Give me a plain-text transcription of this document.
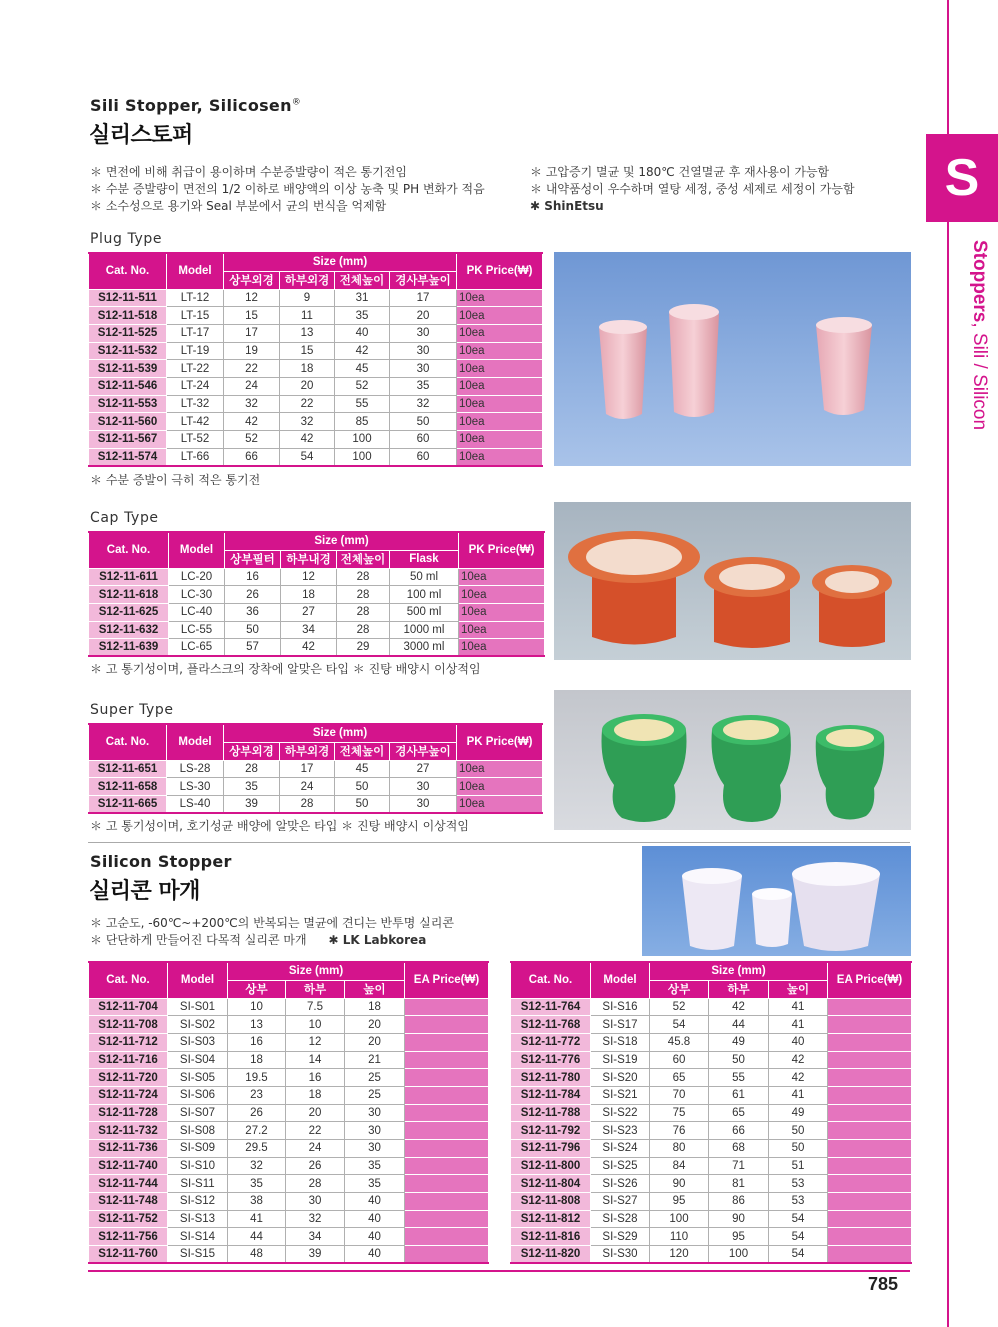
S
Stoppers, Sili / Silicon
Sili Stopper, Silicosen®
실리스토퍼
＊ 면전에 비해 취급이 용이하며 수분증발량이 적은 통기전임
＊ 수분 증발량이 면전의 1/2 이하로 배양액의 이상 농축 및 PH 변화가 적음
＊ 소수성으로 용기와 Seal 부분에서 균의 번식을 억제함
＊ 고압증기 멸균 및 180℃ 건열멸균 후 재사용이 가능함
＊ 내약품성이 우수하며 열탕 세정, 중성 세제로 세정이 가능함
✱ ShinEtsu
Plug Type
Cat. No.	Model	Size (mm)				PK Price(₩)
		상부외경	하부외경	전체높이	경사부높이	
S12-11-511	LT-12	12	9	31	17	10ea
S12-11-518	LT-15	15	11	35	20	10ea
S12-11-525	LT-17	17	13	40	30	10ea
S12-11-532	LT-19	19	15	42	30	10ea
S12-11-539	LT-22	22	18	45	30	10ea
S12-11-546	LT-24	24	20	52	35	10ea
S12-11-553	LT-32	32	22	55	32	10ea
S12-11-560	LT-42	42	32	85	50	10ea
S12-11-567	LT-52	52	42	100	60	10ea
S12-11-574	LT-66	66	54	100	60	10ea
＊ 수분 증발이 극히 적은 통기전
Cap Type
Cat. No.	Model	Size (mm)				PK Price(₩)
		상부필터	하부내경	전체높이	Flask	
S12-11-611	LC-20	16	12	28	50 ml	10ea
S12-11-618	LC-30	26	18	28	100 ml	10ea
S12-11-625	LC-40	36	27	28	500 ml	10ea
S12-11-632	LC-55	50	34	28	1000 ml	10ea
S12-11-639	LC-65	57	42	29	3000 ml	10ea
＊ 고 통기성이며, 플라스크의 장착에 알맞은 타입 ＊ 진탕 배양시 이상적임
Super Type
Cat. No.	Model	Size (mm)				PK Price(₩)
		상부외경	하부외경	전체높이	경사부높이	
S12-11-651	LS-28	28	17	45	27	10ea
S12-11-658	LS-30	35	24	50	30	10ea
S12-11-665	LS-40	39	28	50	30	10ea
＊ 고 통기성이며, 호기성균 배양에 알맞은 타입 ＊ 진탕 배양시 이상적임
Silicon Stopper
실리콘 마개
＊ 고순도, -60℃~+200℃의 반복되는 멸균에 견디는 반투명 실리콘
＊ 단단하게 만들어진 다목적 실리콘 마개 ✱ LK Labkorea
Cat. No.	Model	Size (mm)			EA Price(₩)
		상부	하부	높이	
S12-11-704	SI-S01	10	7.5	18	
S12-11-708	SI-S02	13	10	20	
S12-11-712	SI-S03	16	12	20	
S12-11-716	SI-S04	18	14	21	
S12-11-720	SI-S05	19.5	16	25	
S12-11-724	SI-S06	23	18	25	
S12-11-728	SI-S07	26	20	30	
S12-11-732	SI-S08	27.2	22	30	
S12-11-736	SI-S09	29.5	24	30	
S12-11-740	SI-S10	32	26	35	
S12-11-744	SI-S11	35	28	35	
S12-11-748	SI-S12	38	30	40	
S12-11-752	SI-S13	41	32	40	
S12-11-756	SI-S14	44	34	40	
S12-11-760	SI-S15	48	39	40	
Cat. No.	Model	Size (mm)			EA Price(₩)
		상부	하부	높이	
S12-11-764	SI-S16	52	42	41	
S12-11-768	SI-S17	54	44	41	
S12-11-772	SI-S18	45.8	49	40	
S12-11-776	SI-S19	60	50	42	
S12-11-780	SI-S20	65	55	42	
S12-11-784	SI-S21	70	61	41	
S12-11-788	SI-S22	75	65	49	
S12-11-792	SI-S23	76	66	50	
S12-11-796	SI-S24	80	68	50	
S12-11-800	SI-S25	84	71	51	
S12-11-804	SI-S26	90	81	53	
S12-11-808	SI-S27	95	86	53	
S12-11-812	SI-S28	100	90	54	
S12-11-816	SI-S29	110	95	54	
S12-11-820	SI-S30	120	100	54	
785
